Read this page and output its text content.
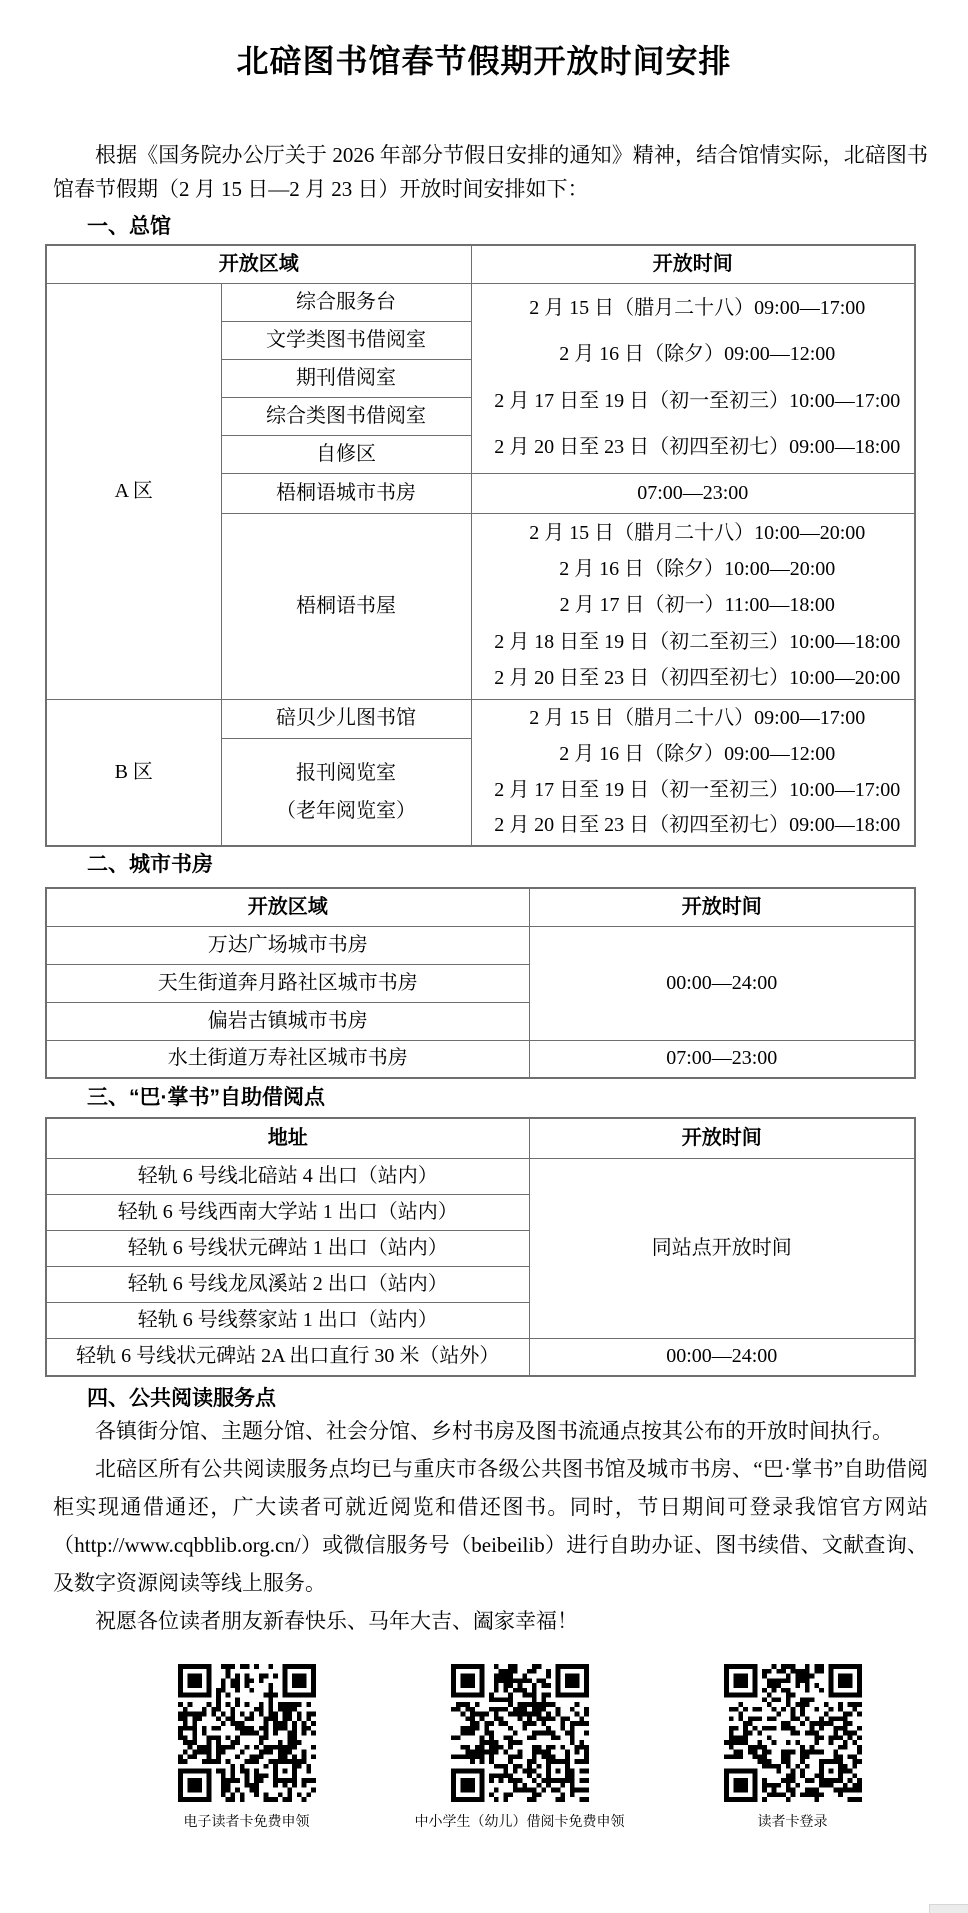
北碚图书馆春节假期开放时间安排

根据《国务院办公厅关于 2026 年部分节假日安排的通知》精神，结合馆情实际，北碚图书馆春节假期（2 月 15 日—2 月 23 日）开放时间安排如下：

一、总馆
开放区域		开放时间
A 区	综合服务台	2 月 15 日（腊月二十八）09:00—17:00
2 月 16 日（除夕）09:00—12:00
2 月 17 日至 19 日（初一至初三）10:00—17:00
2 月 20 日至 23 日（初四至初七）09:00—18:00

	文学类图书借阅室	
	期刊借阅室	
	综合类图书借阅室	
	自修区	
	梧桐语城市书房	07:00—23:00
	梧桐语书屋	2 月 15 日（腊月二十八）10:00—20:00
2 月 16 日（除夕）10:00—20:00
2 月 17 日（初一）11:00—18:00
2 月 18 日至 19 日（初二至初三）10:00—18:00
2 月 20 日至 23 日（初四至初七）10:00—20:00

B 区	碚贝少儿图书馆	2 月 15 日（腊月二十八）09:00—17:00
2 月 16 日（除夕）09:00—12:00
2 月 17 日至 19 日（初一至初三）10:00—17:00
2 月 20 日至 23 日（初四至初七）09:00—18:00

	报刊阅览室
（老年阅览室）	
二、城市书房
开放区域	开放时间
万达广场城市书房	00:00—24:00
天生街道奔月路社区城市书房	
偏岩古镇城市书房	
水土街道万寿社区城市书房	07:00—23:00
三、“巴·掌书”自助借阅点
地址	开放时间
轻轨 6 号线北碚站 4 出口（站内）	同站点开放时间
轻轨 6 号线西南大学站 1 出口（站内）	
轻轨 6 号线状元碑站 1 出口（站内）	
轻轨 6 号线龙凤溪站 2 出口（站内）	
轻轨 6 号线蔡家站 1 出口（站内）	
轻轨 6 号线状元碑站 2A 出口直行 30 米（站外）	00:00—24:00
四、公共阅读服务点

各镇街分馆、主题分馆、社会分馆、乡村书房及图书流通点按其公布的开放时间执行。

北碚区所有公共阅读服务点均已与重庆市各级公共图书馆及城市书房、“巴·掌书”自助借阅柜实现通借通还，广大读者可就近阅览和借还图书。同时，节日期间可登录我馆官方网站（http://www.cqbblib.org.cn/）或微信服务号（beibeilib）进行自助办证、图书续借、文献查询、及数字资源阅读等线上服务。

祝愿各位读者朋友新春快乐、马年大吉、阖家幸福！

电子读者卡免费申领	中小学生（幼儿）借阅卡免费申领	读者卡登录
